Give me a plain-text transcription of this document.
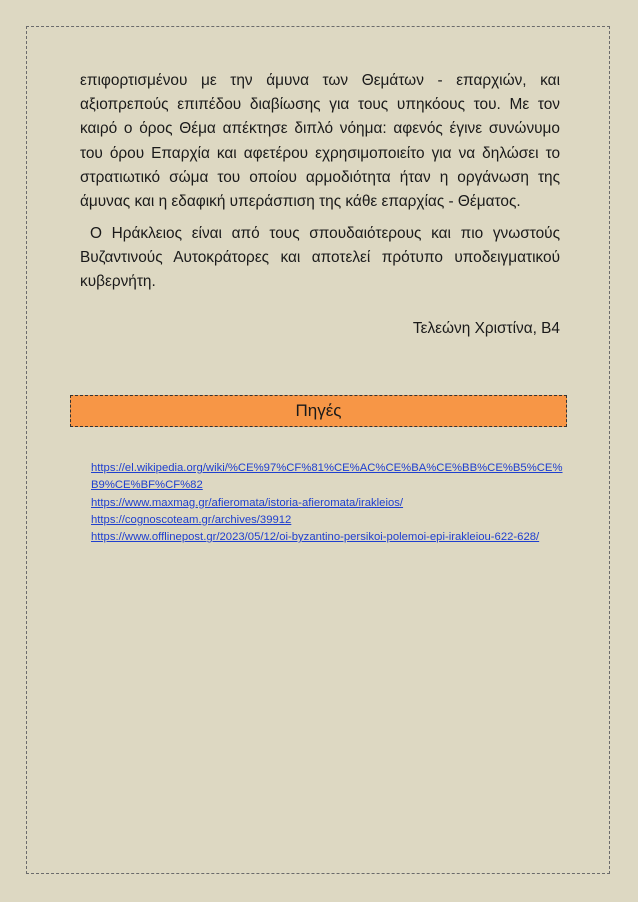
επιφορτισμένου με την άμυνα των Θεμάτων - επαρχιών, και αξιοπρεπούς επιπέδου διαβίωσης για τους υπηκόους του. Με τον καιρό ο όρος Θέμα απέκτησε διπλό νόημα: αφενός έγινε συνώνυμο του όρου Επαρχία και αφετέρου εχρησιμοποιείτο για να δηλώσει το στρατιωτικό σώμα του οποίου αρμοδιότητα ήταν η οργάνωση της άμυνας και η εδαφική υπεράσπιση της κάθε επαρχίας - Θέματος.

Ο Ηράκλειος είναι από τους σπουδαιότερους και πιο γνωστούς Βυζαντινούς Αυτοκράτορες και αποτελεί πρότυπο υποδειγματικού κυβερνήτη.

Τελεώνη Χριστίνα, Β4
Πηγές
https://el.wikipedia.org/wiki/%CE%97%CF%81%CE%AC%CE%BA%CE%BB%CE%B5%CE%B9%CE%BF%CF%82
https://www.maxmag.gr/afieromata/istoria-afieromata/irakleios/
https://cognoscoteam.gr/archives/39912
https://www.offlinepost.gr/2023/05/12/oi-byzantino-persikoi-polemoi-epi-irakleiou-622-628/
